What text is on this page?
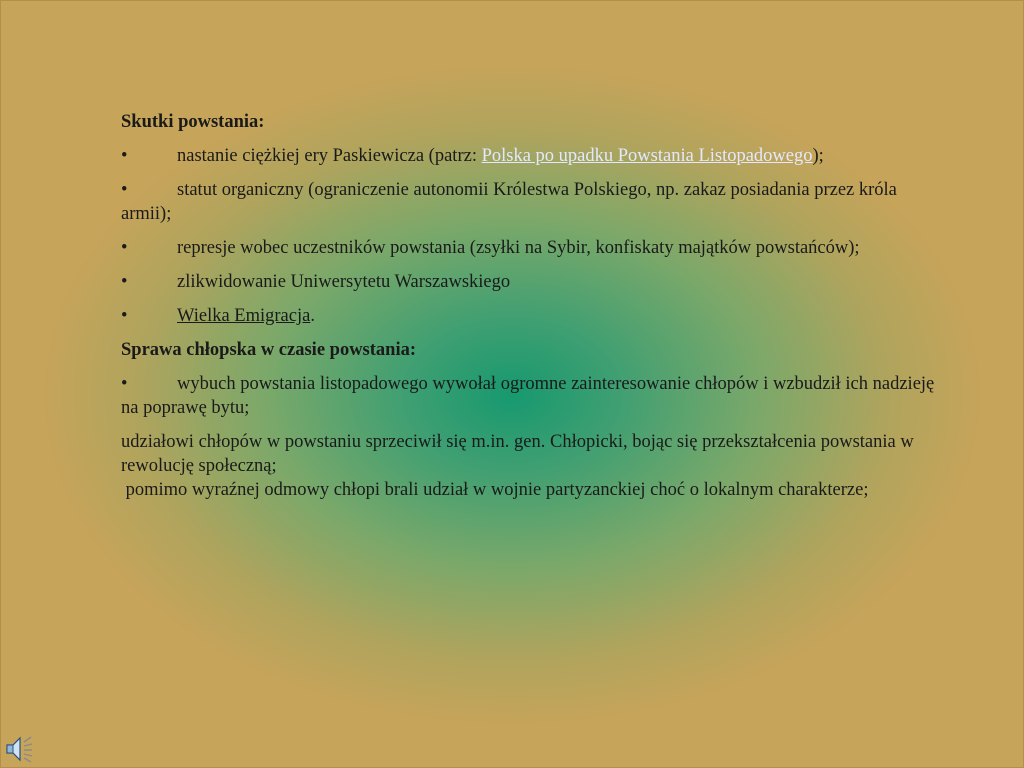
Skutki powstania:

•	nastanie ciężkiej ery Paskiewicza (patrz: Polska po upadku Powstania Listopadowego);

•	statut organiczny (ograniczenie autonomii Królestwa Polskiego, np. zakaz posiadania przez króla armii);

•	represje wobec uczestników powstania (zsyłki na Sybir, konfiskaty majątków powstańców);

•	zlikwidowanie Uniwersytetu Warszawskiego

•	Wielka Emigracja.

Sprawa chłopska w czasie powstania:

•	wybuch powstania listopadowego wywołał ogromne zainteresowanie chłopów i wzbudził ich nadzieję na poprawę bytu;

udziałowi chłopów w powstaniu sprzeciwił się m.in. gen. Chłopicki, bojąc się przekształcenia powstania w rewolucję społeczną;

pomimo wyraźnej odmowy chłopi brali udział w wojnie partyzanckiej choć o lokalnym charakterze;
